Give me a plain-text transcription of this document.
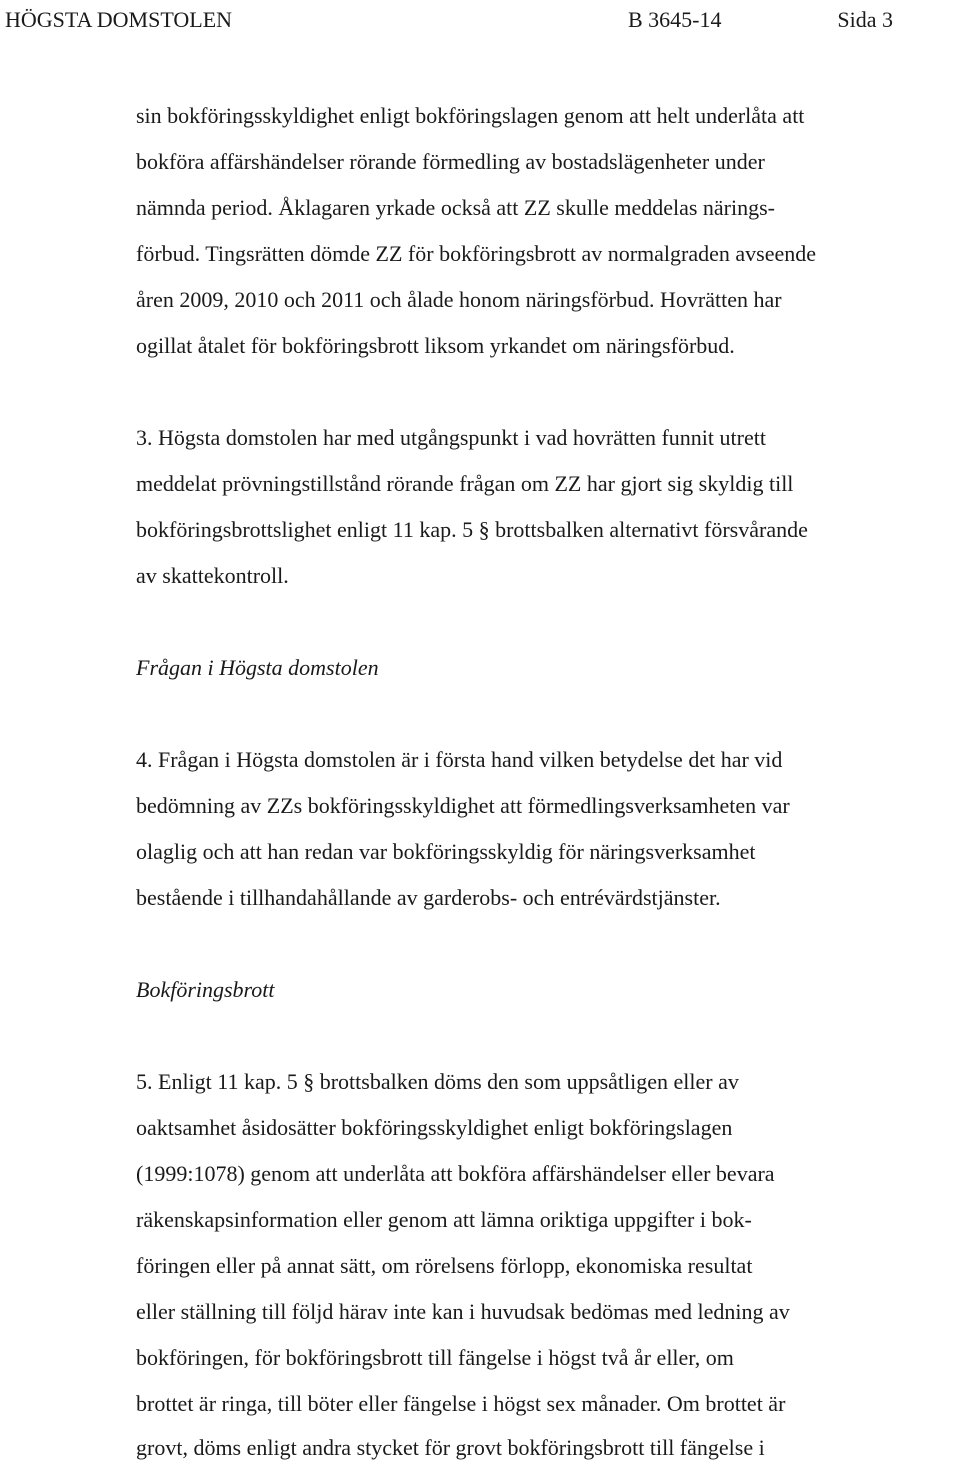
HÖGSTA DOMSTOLEN	B 3645-14	Sida 3
sin bokföringsskyldighet enligt bokföringslagen genom att helt underlåta att
bokföra affärshändelser rörande förmedling av bostadslägenheter under
nämnda period. Åklagaren yrkade också att ZZ skulle meddelas närings-
förbud. Tingsrätten dömde ZZ för bokföringsbrott av normalgraden avseende
åren 2009, 2010 och 2011 och ålade honom näringsförbud. Hovrätten har
ogillat åtalet för bokföringsbrott liksom yrkandet om näringsförbud.
3. Högsta domstolen har med utgångspunkt i vad hovrätten funnit utrett
meddelat prövningstillstånd rörande frågan om ZZ har gjort sig skyldig till
bokföringsbrottslighet enligt 11 kap. 5 § brottsbalken alternativt försvårande
av skattekontroll.
Frågan i Högsta domstolen
4. Frågan i Högsta domstolen är i första hand vilken betydelse det har vid
bedömning av ZZs bokföringsskyldighet att förmedlingsverksamheten var
olaglig och att han redan var bokföringsskyldig för näringsverksamhet
bestående i tillhandahållande av garderobs- och entrévärdstjänster.
Bokföringsbrott
5. Enligt 11 kap. 5 § brottsbalken döms den som uppsåtligen eller av
oaktsamhet åsidosätter bokföringsskyldighet enligt bokföringslagen
(1999:1078) genom att underlåta att bokföra affärshändelser eller bevara
räkenskapsinformation eller genom att lämna oriktiga uppgifter i bok-
föringen eller på annat sätt, om rörelsens förlopp, ekonomiska resultat
eller ställning till följd härav inte kan i huvudsak bedömas med ledning av
bokföringen, för bokföringsbrott till fängelse i högst två år eller, om
brottet är ringa, till böter eller fängelse i högst sex månader. Om brottet är
grovt, döms enligt andra stycket för grovt bokföringsbrott till fängelse i
